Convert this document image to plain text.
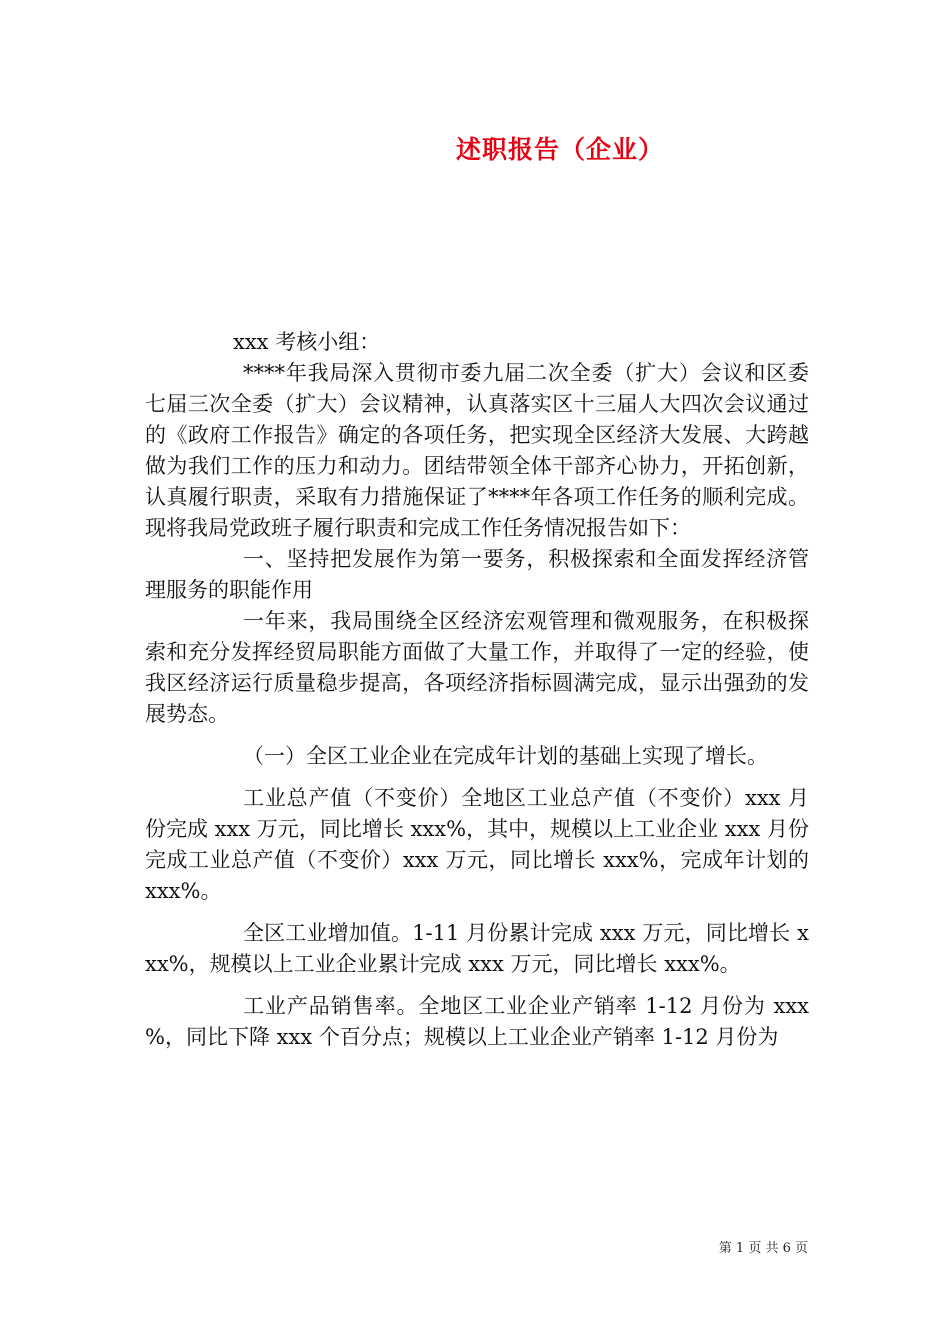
述职报告（企业）

xxx 考核小组：

****年我局深入贯彻市委九届二次全委（扩大）会议和区委七届三次全委（扩大）会议精神，认真落实区十三届人大四次会议通过的《政府工作报告》确定的各项任务，把实现全区经济大发展、大跨越做为我们工作的压力和动力。团结带领全体干部齐心协力，开拓创新，认真履行职责，采取有力措施保证了****年各项工作任务的顺利完成。现将我局党政班子履行职责和完成工作任务情况报告如下：

一、坚持把发展作为第一要务，积极探索和全面发挥经济管理服务的职能作用

一年来，我局围绕全区经济宏观管理和微观服务，在积极探索和充分发挥经贸局职能方面做了大量工作，并取得了一定的经验，使我区经济运行质量稳步提高，各项经济指标圆满完成，显示出强劲的发展势态。

（一）全区工业企业在完成年计划的基础上实现了增长。

工业总产值（不变价）全地区工业总产值（不变价）xxx 月份完成 xxx 万元，同比增长 xxx%，其中，规模以上工业企业 xxx 月份完成工业总产值（不变价）xxx 万元，同比增长 xxx%，完成年计划的 xxx%。

全区工业增加值。1-11 月份累计完成 xxx 万元，同比增长 xxx%，规模以上工业企业累计完成 xxx 万元，同比增长 xxx%。

工业产品销售率。全地区工业企业产销率 1-12 月份为 xxx %，同比下降 xxx 个百分点；规模以上工业企业产销率 1-12 月份为

第 1 页 共 6 页
